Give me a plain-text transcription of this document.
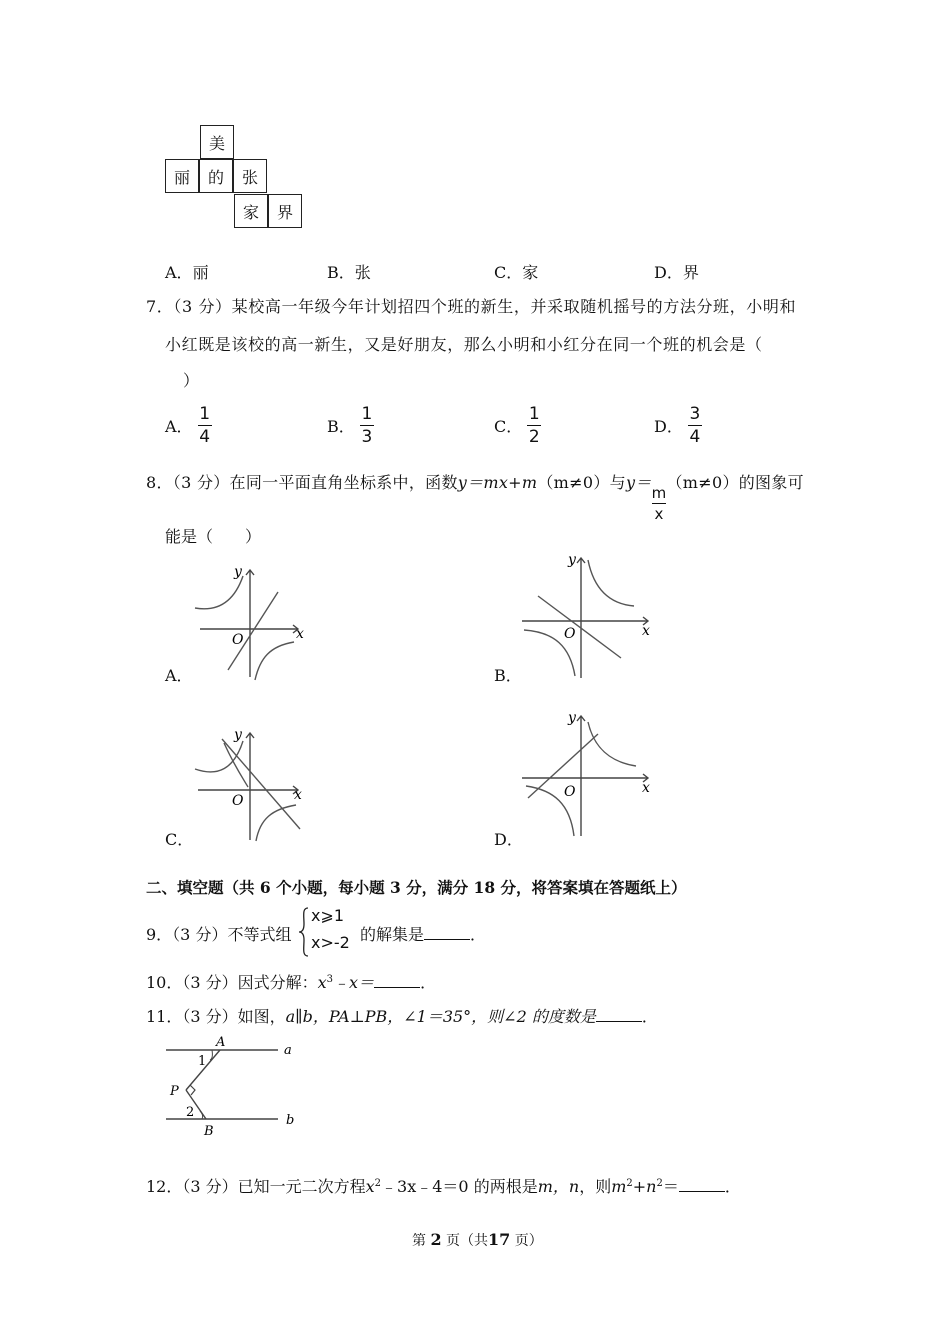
美
丽	的	张
家	界
A．丽	B．张	C．家	D．界
7．（3 分）某校高一年级今年计划招四个班的新生，并采取随机摇号的方法分班，小明和
小红既是该校的高一新生，又是好朋友，那么小明和小红分在同一个班的机会是（
）
A． $\frac{1}{4}$	B． $\frac{1}{3}$	C． $\frac{1}{2}$	D． $\frac{3}{4}$
8．（3 分）在同一平面直角坐标系中，函数y＝mx+m（m≠0）与y＝
$\frac{m}{x}$
（m≠0）的图象可
能是（　　）
y
x
O
A．
y
x
O
B．
y
x
O
C．
y
x
O
D．
二、填空题（共 6 个小题，每小题 3 分，满分 18 分，将答案填在答题纸上）
9．（3 分）不等式组
x⩾1
x>-2 的解集是	．
10．（3 分）因式分解：$x^3﹣x=$	．
11．（3 分）如图，a∥b，PA⊥PB，∠1＝35°，则∠2 的度数是	．
A
1
P
2
B
a
b
12．（3 分）已知一元二次方程$x^2﹣3x﹣4=0$ 的两根是m，n，则$m^2+n^2=$	．
第 2 页（共17 页）
